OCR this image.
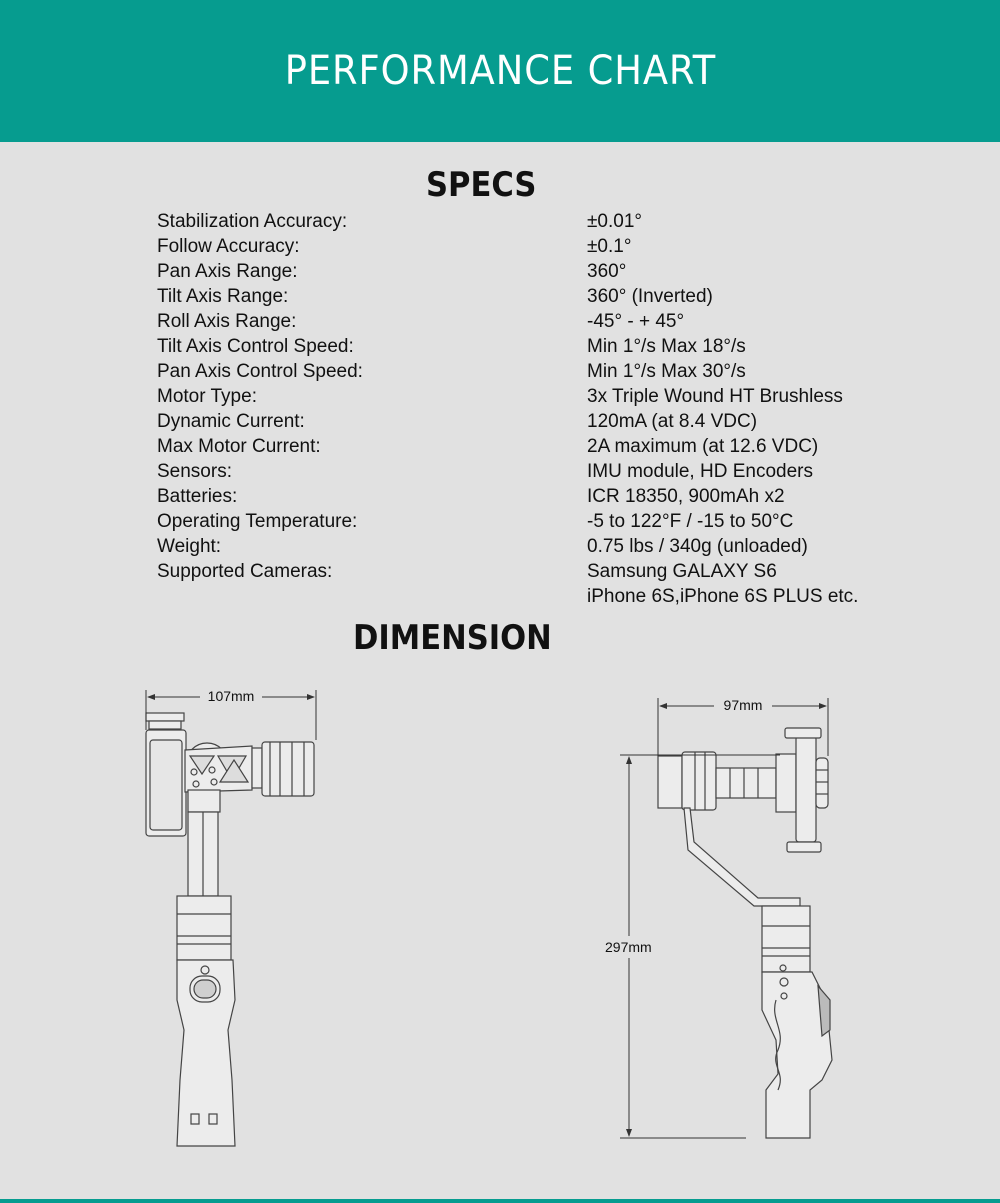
PERFORMANCE CHART
SPECS
Stabilization Accuracy:	±0.01°
Follow Accuracy:	±0.1°
Pan Axis Range:	360°
Tilt Axis Range:	360° (Inverted)
Roll Axis Range:	-45° - + 45°
Tilt Axis Control Speed:	Min 1°/s Max 18°/s
Pan Axis Control Speed:	Min 1°/s Max 30°/s
Motor Type:	3x Triple Wound HT Brushless
Dynamic Current:	120mA (at 8.4 VDC)
Max Motor Current:	2A maximum (at 12.6 VDC)
Sensors:	IMU module, HD Encoders
Batteries:	ICR 18350, 900mAh x2
Operating Temperature:	-5 to 122°F / -15 to 50°C
Weight:	0.75 lbs / 340g (unloaded)
Supported Cameras:	Samsung GALAXY S6
iPhone 6S,iPhone 6S PLUS etc.
DIMENSION
107mm
97mm
297mm
